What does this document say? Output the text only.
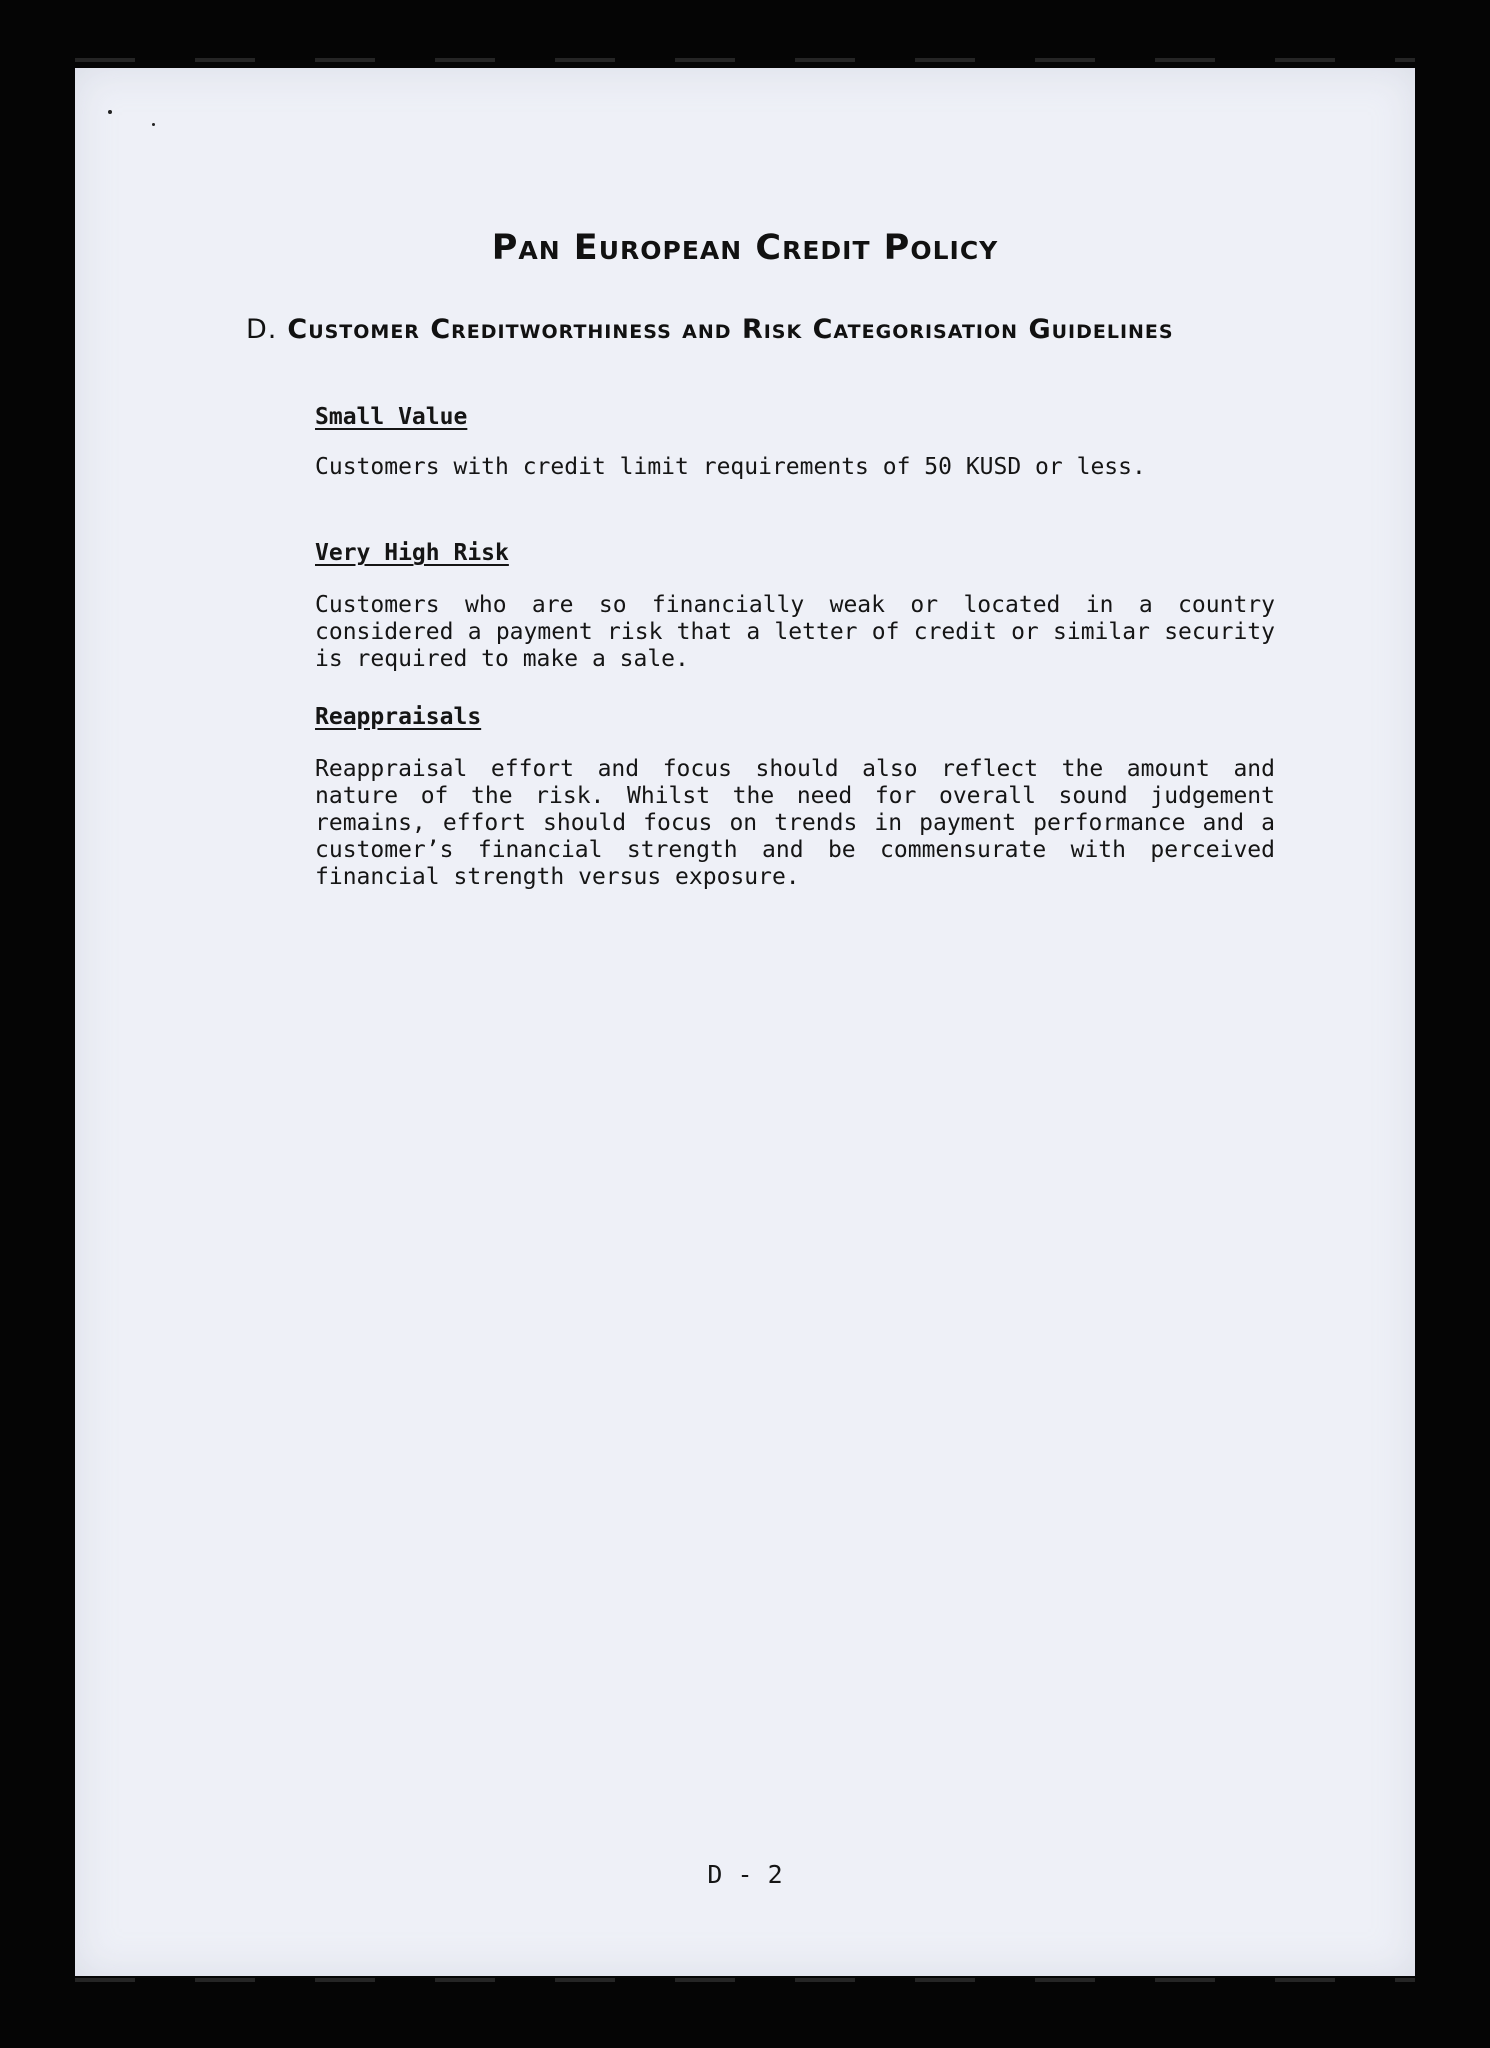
Pan European Credit Policy
D. Customer Creditworthiness and Risk Categorisation Guidelines
Small Value

Customers with credit limit requirements of 50 KUSD or less.

Very High Risk

Customers who are so financially weak or located in a country considered a payment risk that a letter of credit or similar security is required to make a sale.

Reappraisals

Reappraisal effort and focus should also reflect the amount and nature of the risk. Whilst the need for overall sound judgement remains, effort should focus on trends in payment performance and a customer’s financial strength and be commensurate with perceived financial strength versus exposure.

D - 2
